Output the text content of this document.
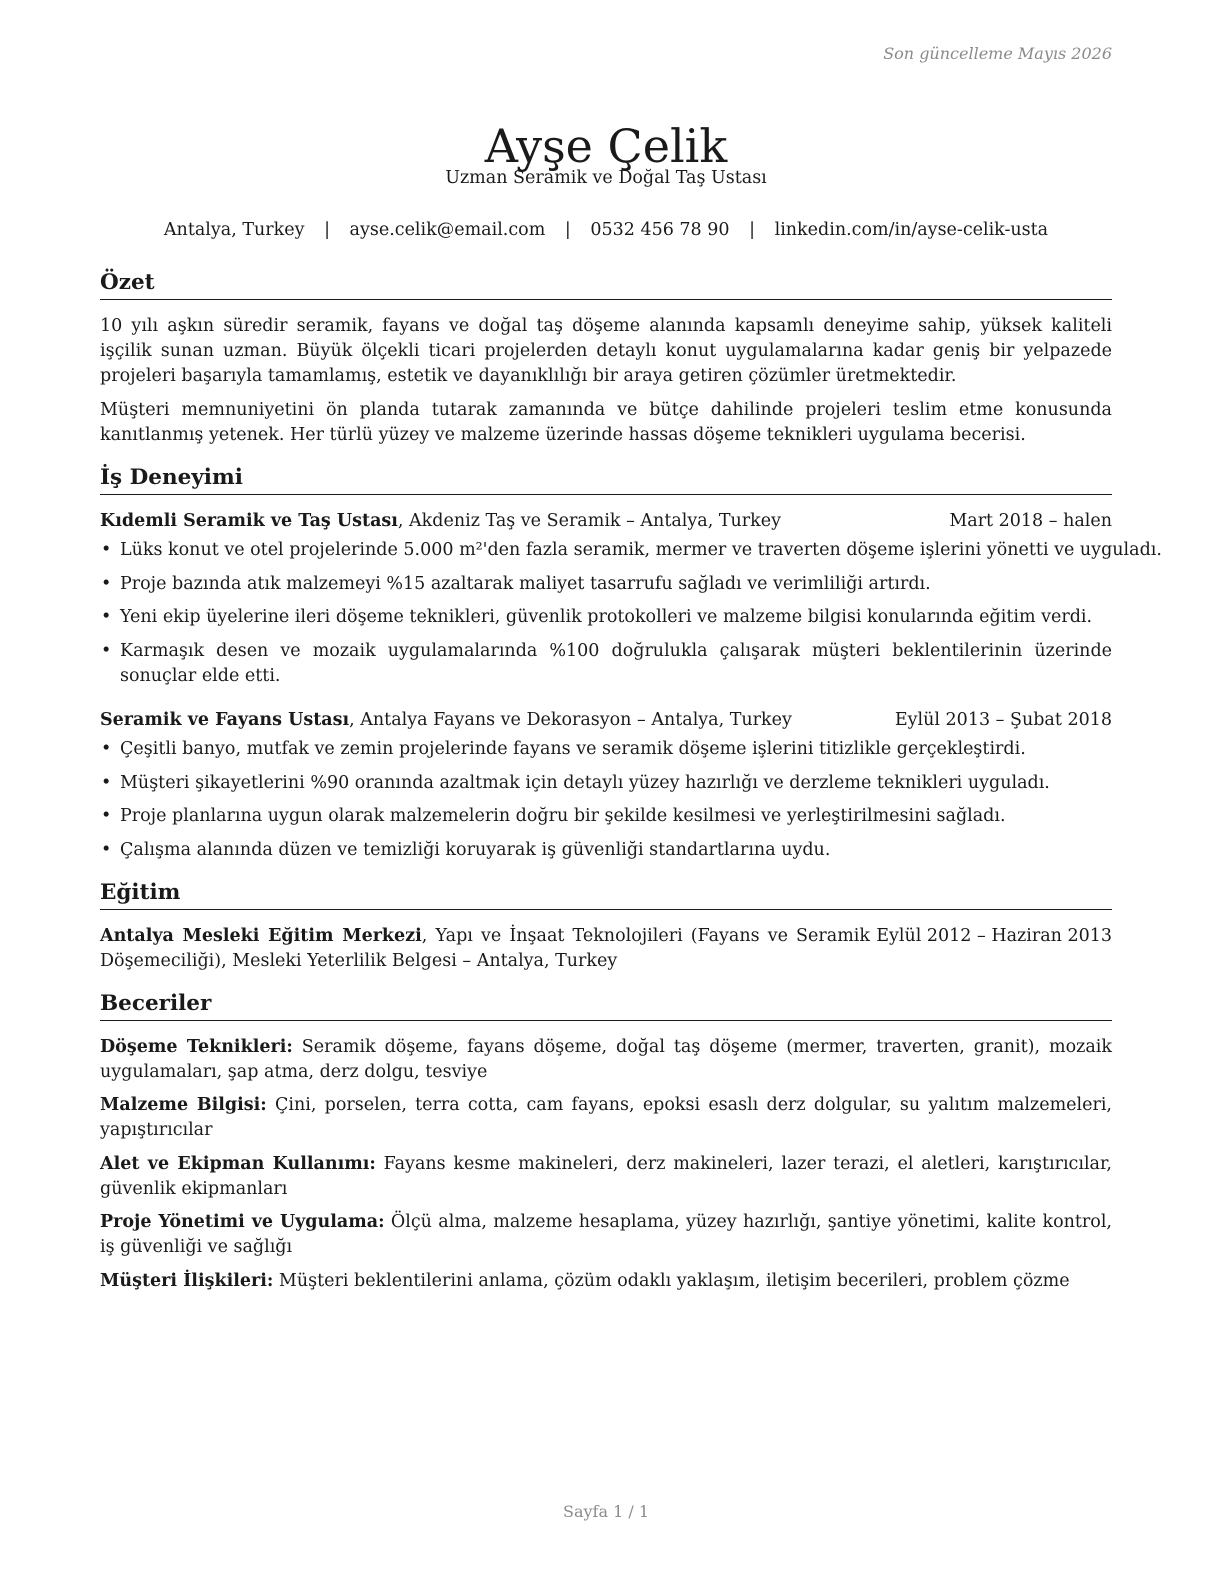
Son güncelleme Mayıs 2026
Ayşe Çelik
Uzman Seramik ve Doğal Taş Ustası
Antalya, Turkey | ayse.celik@email.com | 0532 456 78 90 | linkedin.com/in/ayse-celik-usta
Özet

10 yılı aşkın süredir seramik, fayans ve doğal taş döşeme alanında kapsamlı deneyime sahip, yüksek kaliteli işçilik sunan uzman. Büyük ölçekli ticari projelerden detaylı konut uygulamalarına kadar geniş bir yelpazede projeleri başarıyla tamamlamış, estetik ve dayanıklılığı bir araya getiren çözümler üretmektedir.

Müşteri memnuniyetini ön planda tutarak zamanında ve bütçe dahilinde projeleri teslim etme konusunda kanıtlanmış yetenek. Her türlü yüzey ve malzeme üzerinde hassas döşeme teknikleri uygulama becerisi.

İş Deneyimi
Kıdemli Seramik ve Taş Ustası, Akdeniz Taş ve Seramik – Antalya, Turkey	Mart 2018 – halen
• Lüks konut ve otel projelerinde 5.000 m²'den fazla seramik, mermer ve traverten döşeme işlerini yönetti ve uyguladı.
• Proje bazında atık malzemeyi %15 azaltarak maliyet tasarrufu sağladı ve verimliliği artırdı.
• Yeni ekip üyelerine ileri döşeme teknikleri, güvenlik protokolleri ve malzeme bilgisi konularında eğitim verdi.
• Karmaşık desen ve mozaik uygulamalarında %100 doğrulukla çalışarak müşteri beklentilerinin üzerinde sonuçlar elde etti.
Seramik ve Fayans Ustası, Antalya Fayans ve Dekorasyon – Antalya, Turkey	Eylül 2013 – Şubat 2018
• Çeşitli banyo, mutfak ve zemin projelerinde fayans ve seramik döşeme işlerini titizlikle gerçekleştirdi.
• Müşteri şikayetlerini %90 oranında azaltmak için detaylı yüzey hazırlığı ve derzleme teknikleri uyguladı.
• Proje planlarına uygun olarak malzemelerin doğru bir şekilde kesilmesi ve yerleştirilmesini sağladı.
• Çalışma alanında düzen ve temizliği koruyarak iş güvenliği standartlarına uydu.
Eğitim
Antalya Mesleki Eğitim Merkezi, Yapı ve İnşaat Teknolojileri (Fayans ve Seramik Döşemeciliği), Mesleki Yeterlilik Belgesi – Antalya, Turkey
Eylül 2012 – Haziran 2013
Beceriler
Döşeme Teknikleri: Seramik döşeme, fayans döşeme, doğal taş döşeme (mermer, traverten, granit), mozaik uygulamaları, şap atma, derz dolgu, tesviye
Malzeme Bilgisi: Çini, porselen, terra cotta, cam fayans, epoksi esaslı derz dolgular, su yalıtım malzemeleri, yapıştırıcılar
Alet ve Ekipman Kullanımı: Fayans kesme makineleri, derz makineleri, lazer terazi, el aletleri, karıştırıcılar, güvenlik ekipmanları
Proje Yönetimi ve Uygulama: Ölçü alma, malzeme hesaplama, yüzey hazırlığı, şantiye yönetimi, kalite kontrol, iş güvenliği ve sağlığı
Müşteri İlişkileri: Müşteri beklentilerini anlama, çözüm odaklı yaklaşım, iletişim becerileri, problem çözme
Sayfa 1 / 1
